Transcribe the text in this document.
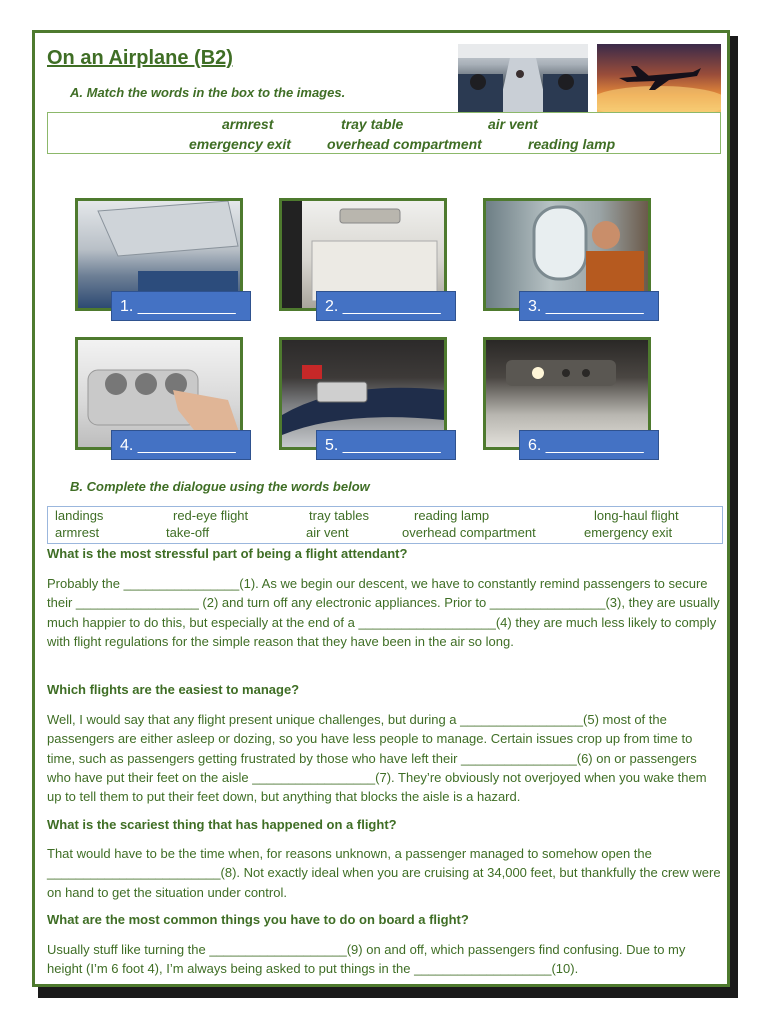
On an Airplane (B2)

A. Match the words in the box to the images.

armrest	tray table	air vent
emergency exit	overhead compartment	reading lamp
1. ___________	2. ___________	3. ___________
4. ___________	5. ___________	6. ___________

B. Complete the dialogue using the words below

landings	red-eye flight	tray tables	reading lamp	long-haul flight
armrest	take-off	air vent	overhead compartment	emergency exit

What is the most stressful part of being a flight attendant?

Probably the ________________(1). As we begin our descent, we have to constantly remind passengers to secure their _________________ (2) and turn off any electronic appliances. Prior to ________________(3), they are usually much happier to do this, but especially at the end of a ___________________(4) they are much less likely to comply with flight regulations for the simple reason that they have been in the air so long.

Which flights are the easiest to manage?

Well, I would say that any flight present unique challenges, but during a _________________(5) most of the passengers are either asleep or dozing, so you have less people to manage. Certain issues crop up from time to time, such as passengers getting frustrated by those who have left their ________________(6) on or passengers who have put their feet on the aisle _________________(7). They’re obviously not overjoyed when you wake them up to tell them to put their feet down, but anything that blocks the aisle is a hazard.

What is the scariest thing that has happened on a flight?

That would have to be the time when, for reasons unknown, a passenger managed to somehow open the ________________________(8). Not exactly ideal when you are cruising at 34,000 feet, but thankfully the crew were on hand to get the situation under control.

What are the most common things you have to do on board a flight?

Usually stuff like turning the ___________________(9) on and off, which passengers find confusing. Due to my height (I’m 6 foot 4), I’m always being asked to put things in the ___________________(10).
